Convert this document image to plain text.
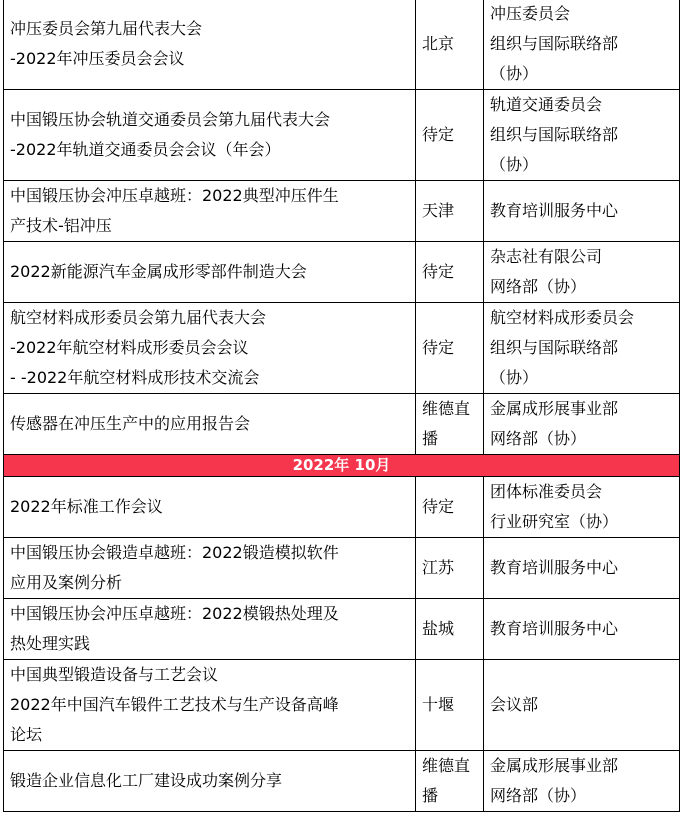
冲压委员会第九届代表大会
-2022年冲压委员会会议	北京	冲压委员会
组织与国际联络部
（协）

中国锻压协会轨道交通委员会第九届代表大会
-2022年轨道交通委员会会议（年会）	待定	轨道交通委员会
组织与国际联络部
（协）

中国锻压协会冲压卓越班：2022典型冲压件生
产技术-铝冲压	天津	教育培训服务中心

2022新能源汽车金属成形零部件制造大会	待定	杂志社有限公司
网络部（协）

航空材料成形委员会第九届代表大会
-2022年航空材料成形委员会会议
- -2022年航空材料成形技术交流会	待定	航空材料成形委员会
组织与国际联络部
（协）

传感器在冲压生产中的应用报告会	维德直播	金属成形展事业部
网络部（协）

2022年 10月		

2022年标准工作会议	待定	团体标准委员会
行业研究室（协）

中国锻压协会锻造卓越班：2022锻造模拟软件
应用及案例分析	江苏	教育培训服务中心

中国锻压协会冲压卓越班：2022模锻热处理及
热处理实践	盐城	教育培训服务中心

中国典型锻造设备与工艺会议
2022年中国汽车锻件工艺技术与生产设备高峰
论坛	十堰	会议部

锻造企业信息化工厂建设成功案例分享	维德直播	金属成形展事业部
网络部（协）
